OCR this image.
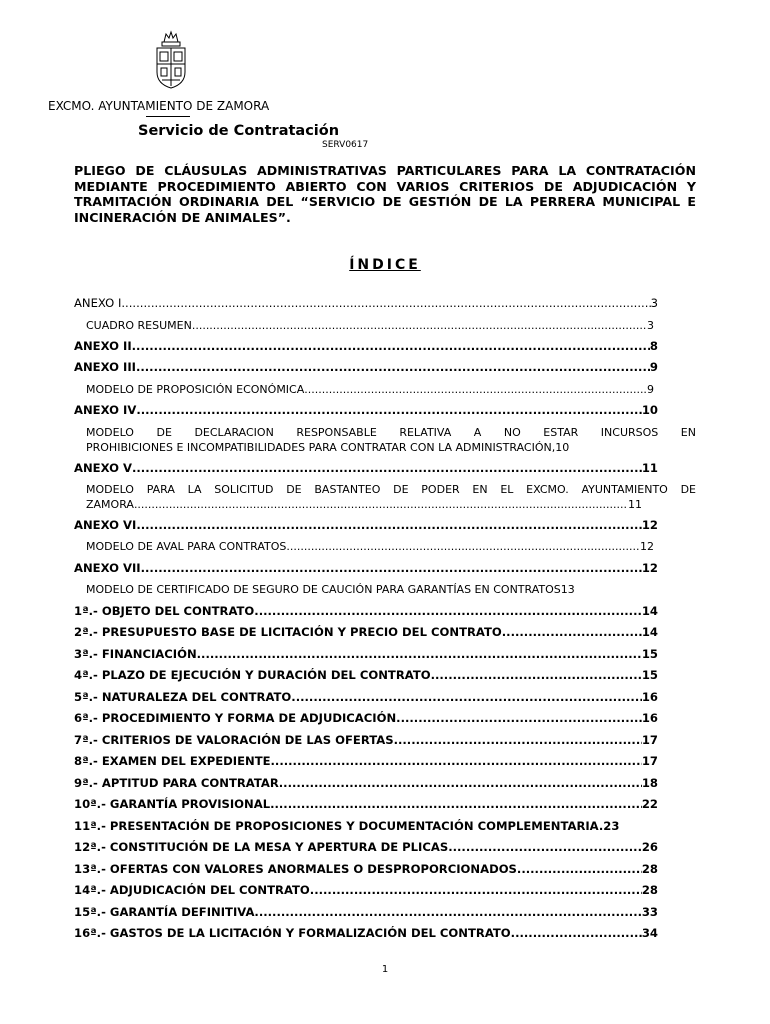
EXCMO. AYUNTAMIENTO DE ZAMORA
Servicio de Contratación
SERV0617
PLIEGO DE CLÁUSULAS ADMINISTRATIVAS PARTICULARES PARA LA CONTRATACIÓN MEDIANTE PROCEDIMIENTO ABIERTO CON VARIOS CRITERIOS DE ADJUDICACIÓN Y TRAMITACIÓN ORDINARIA DEL “SERVICIO DE GESTIÓN DE LA PERRERA MUNICIPAL E INCINERACIÓN DE ANIMALES”.
ÍNDICE
ANEXO I .....	3
CUADRO RESUMEN .....	3
ANEXO II .....	8
ANEXO III .....	9
MODELO DE PROPOSICIÓN ECONÓMICA .....	9
ANEXO IV .....	10
MODELO DE DECLARACION RESPONSABLE RELATIVA A NO ESTAR INCURSOS EN
PROHIBICIONES E INCOMPATIBILIDADES PARA CONTRATAR CON LA ADMINISTRACIÓN, 10
ANEXO V .....	11
MODELO PARA LA SOLICITUD DE BASTANTEO DE PODER EN EL EXCMO. AYUNTAMIENTO DE
ZAMORA .....	11
ANEXO VI .....	12
MODELO DE AVAL PARA CONTRATOS .....	12
ANEXO VII .....	12
MODELO DE CERTIFICADO DE SEGURO DE CAUCIÓN PARA GARANTÍAS EN CONTRATOS 13
1ª.- OBJETO DEL CONTRATO .....	14
2ª.- PRESUPUESTO BASE DE LICITACIÓN Y PRECIO DEL CONTRATO .....	14
3ª.- FINANCIACIÓN .....	15
4ª.- PLAZO DE EJECUCIÓN Y DURACIÓN DEL CONTRATO .....	15
5ª.- NATURALEZA DEL CONTRATO .....	16
6ª.- PROCEDIMIENTO Y FORMA DE ADJUDICACIÓN .....	16
7ª.- CRITERIOS DE VALORACIÓN DE LAS OFERTAS .....	17
8ª.- EXAMEN DEL EXPEDIENTE .....	17
9ª.- APTITUD PARA CONTRATAR .....	18
10ª.- GARANTÍA PROVISIONAL .....	22
11ª.- PRESENTACIÓN DE PROPOSICIONES Y DOCUMENTACIÓN COMPLEMENTARIA. 23
12ª.- CONSTITUCIÓN DE LA MESA Y APERTURA DE PLICAS .....	26
13ª.- OFERTAS CON VALORES ANORMALES O DESPROPORCIONADOS .....	28
14ª.- ADJUDICACIÓN DEL CONTRATO .....	28
15ª.- GARANTÍA DEFINITIVA .....	33
16ª.- GASTOS DE LA LICITACIÓN Y FORMALIZACIÓN DEL CONTRATO .....	34
1
